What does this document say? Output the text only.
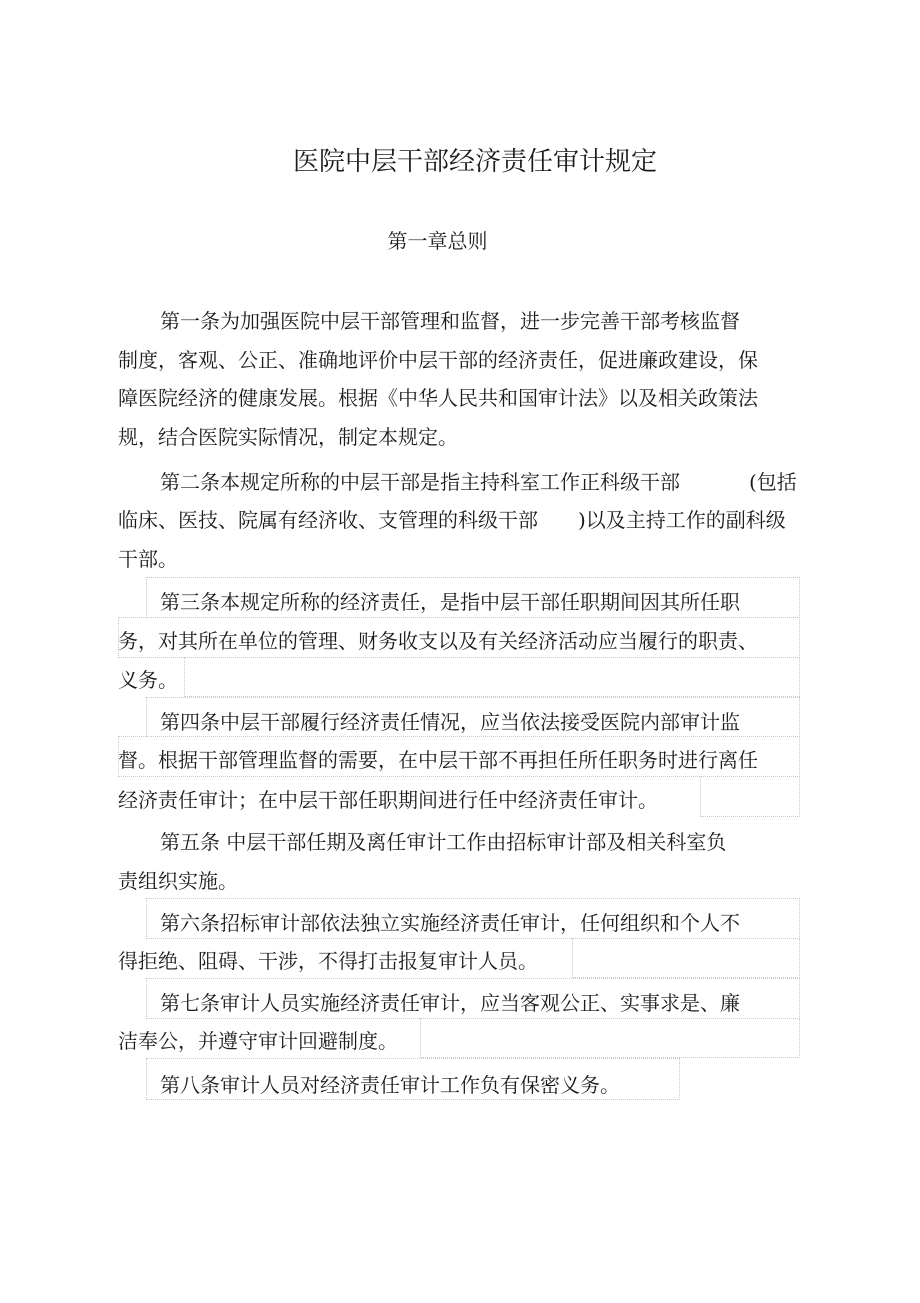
医院中层干部经济责任审计规定
第一章总则
第一条为加强医院中层干部管理和监督，进一步完善干部考核监督
制度，客观、公正、准确地评价中层干部的经济责任，促进廉政建设，保
障医院经济的健康发展。根据《中华人民共和国审计法》以及相关政策法
规，结合医院实际情况，制定本规定。
第二条本规定所称的中层干部是指主持科室工作正科级干部	(包括
临床、医技、院属有经济收、支管理的科级干部 )以及主持工作的副科级
干部。
第三条本规定所称的经济责任，是指中层干部任职期间因其所任职
务，对其所在单位的管理、财务收支以及有关经济活动应当履行的职责、
义务。
第四条中层干部履行经济责任情况，应当依法接受医院内部审计监
督。根据干部管理监督的需要，在中层干部不再担任所任职务时进行离任
经济责任审计；在中层干部任职期间进行任中经济责任审计。
第五条 中层干部任期及离任审计工作由招标审计部及相关科室负
责组织实施。
第六条招标审计部依法独立实施经济责任审计，任何组织和个人不
得拒绝、阻碍、干涉，不得打击报复审计人员。
第七条审计人员实施经济责任审计，应当客观公正、实事求是、廉
洁奉公，并遵守审计回避制度。
第八条审计人员对经济责任审计工作负有保密义务。
